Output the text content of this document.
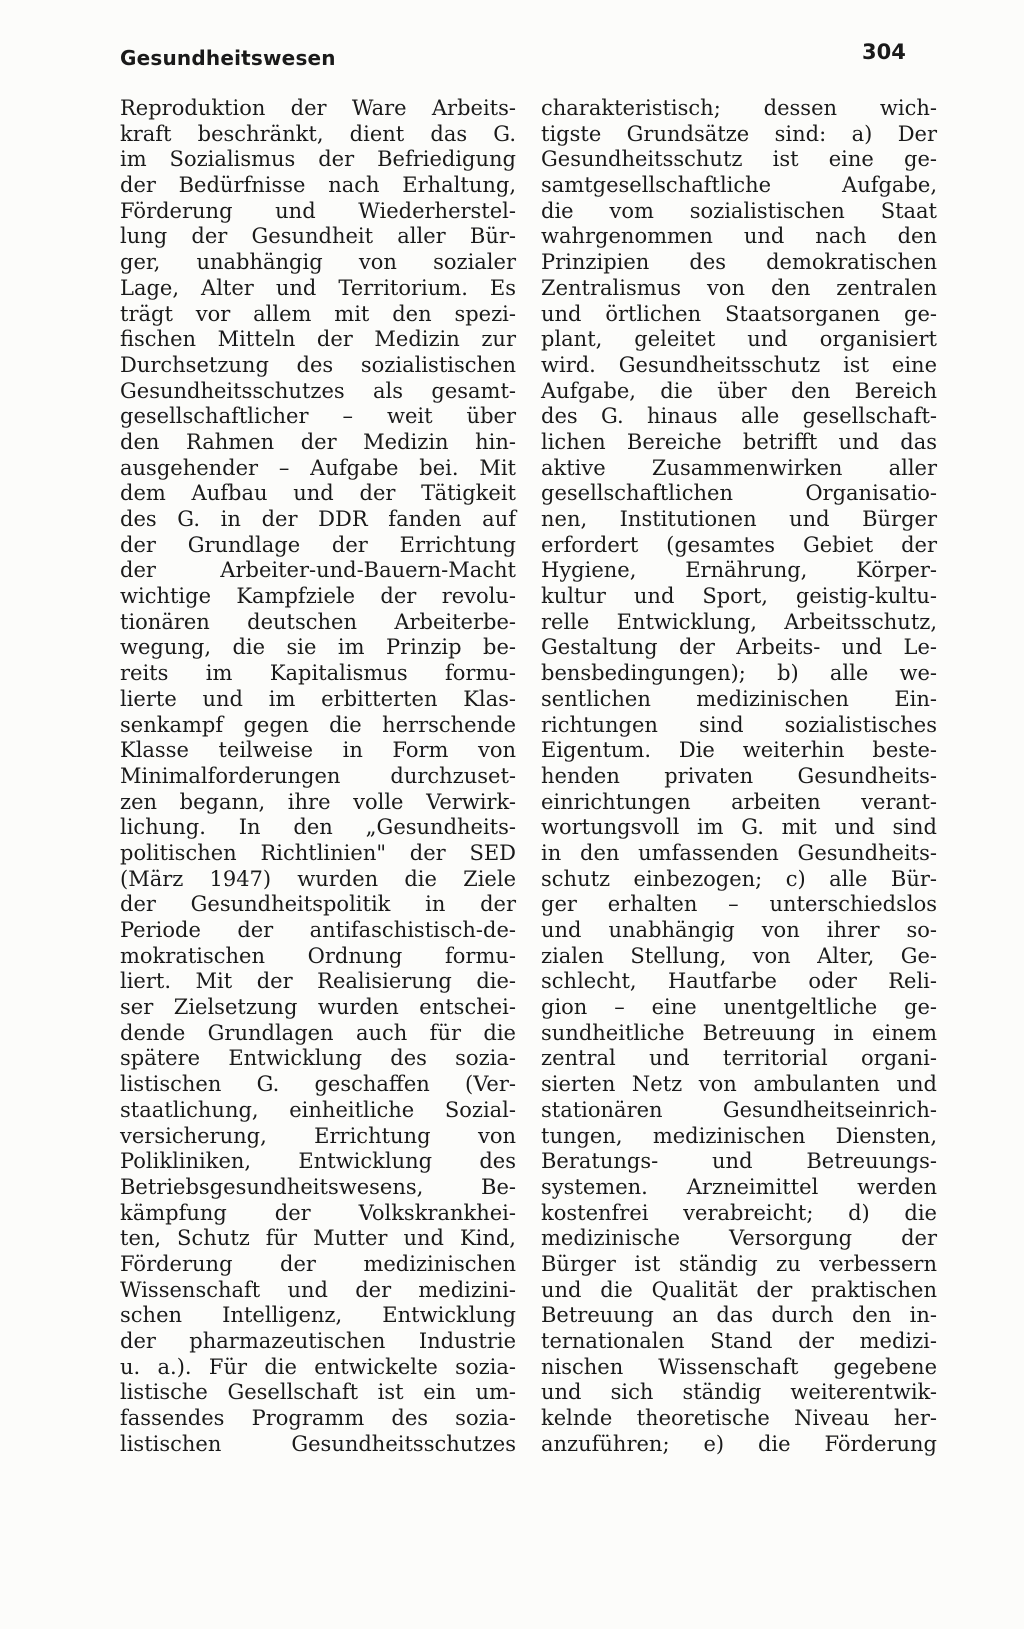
Gesundheitswesen	304
Reproduktion der Ware Arbeits-
kraft beschränkt, dient das G.
im Sozialismus der Befriedigung
der Bedürfnisse nach Erhaltung,
Förderung und Wiederherstel-
lung der Gesundheit aller Bür-
ger, unabhängig von sozialer
Lage, Alter und Territorium. Es
trägt vor allem mit den spezi-
fischen Mitteln der Medizin zur
Durchsetzung des sozialistischen
Gesundheitsschutzes als gesamt-
gesellschaftlicher – weit über
den Rahmen der Medizin hin-
ausgehender – Aufgabe bei. Mit
dem Aufbau und der Tätigkeit
des G. in der DDR fanden auf
der Grundlage der Errichtung
der Arbeiter-und-Bauern-Macht
wichtige Kampfziele der revolu-
tionären deutschen Arbeiterbe-
wegung, die sie im Prinzip be-
reits im Kapitalismus formu-
lierte und im erbitterten Klas-
senkampf gegen die herrschende
Klasse teilweise in Form von
Minimalforderungen durchzuset-
zen begann, ihre volle Verwirk-
lichung. In den „Gesundheits-
politischen Richtlinien" der SED
(März 1947) wurden die Ziele
der Gesundheitspolitik in der
Periode der antifaschistisch-de-
mokratischen Ordnung formu-
liert. Mit der Realisierung die-
ser Zielsetzung wurden entschei-
dende Grundlagen auch für die
spätere Entwicklung des sozia-
listischen G. geschaffen (Ver-
staatlichung, einheitliche Sozial-
versicherung, Errichtung von
Polikliniken, Entwicklung des
Betriebsgesundheitswesens, Be-
kämpfung der Volkskrankhei-
ten, Schutz für Mutter und Kind,
Förderung der medizinischen
Wissenschaft und der medizini-
schen Intelligenz, Entwicklung
der pharmazeutischen Industrie
u. a.). Für die entwickelte sozia-
listische Gesellschaft ist ein um-
fassendes Programm des sozia-
listischen Gesundheitsschutzes
charakteristisch; dessen wich-
tigste Grundsätze sind: a) Der
Gesundheitsschutz ist eine ge-
samtgesellschaftliche Aufgabe,
die vom sozialistischen Staat
wahrgenommen und nach den
Prinzipien des demokratischen
Zentralismus von den zentralen
und örtlichen Staatsorganen ge-
plant, geleitet und organisiert
wird. Gesundheitsschutz ist eine
Aufgabe, die über den Bereich
des G. hinaus alle gesellschaft-
lichen Bereiche betrifft und das
aktive Zusammenwirken aller
gesellschaftlichen Organisatio-
nen, Institutionen und Bürger
erfordert (gesamtes Gebiet der
Hygiene, Ernährung, Körper-
kultur und Sport, geistig-kultu-
relle Entwicklung, Arbeitsschutz,
Gestaltung der Arbeits- und Le-
bensbedingungen); b) alle we-
sentlichen medizinischen Ein-
richtungen sind sozialistisches
Eigentum. Die weiterhin beste-
henden privaten Gesundheits-
einrichtungen arbeiten verant-
wortungsvoll im G. mit und sind
in den umfassenden Gesundheits-
schutz einbezogen; c) alle Bür-
ger erhalten – unterschiedslos
und unabhängig von ihrer so-
zialen Stellung, von Alter, Ge-
schlecht, Hautfarbe oder Reli-
gion – eine unentgeltliche ge-
sundheitliche Betreuung in einem
zentral und territorial organi-
sierten Netz von ambulanten und
stationären Gesundheitseinrich-
tungen, medizinischen Diensten,
Beratungs- und Betreuungs-
systemen. Arzneimittel werden
kostenfrei verabreicht; d) die
medizinische Versorgung der
Bürger ist ständig zu verbessern
und die Qualität der praktischen
Betreuung an das durch den in-
ternationalen Stand der medizi-
nischen Wissenschaft gegebene
und sich ständig weiterentwik-
kelnde theoretische Niveau her-
anzuführen; e) die Förderung
